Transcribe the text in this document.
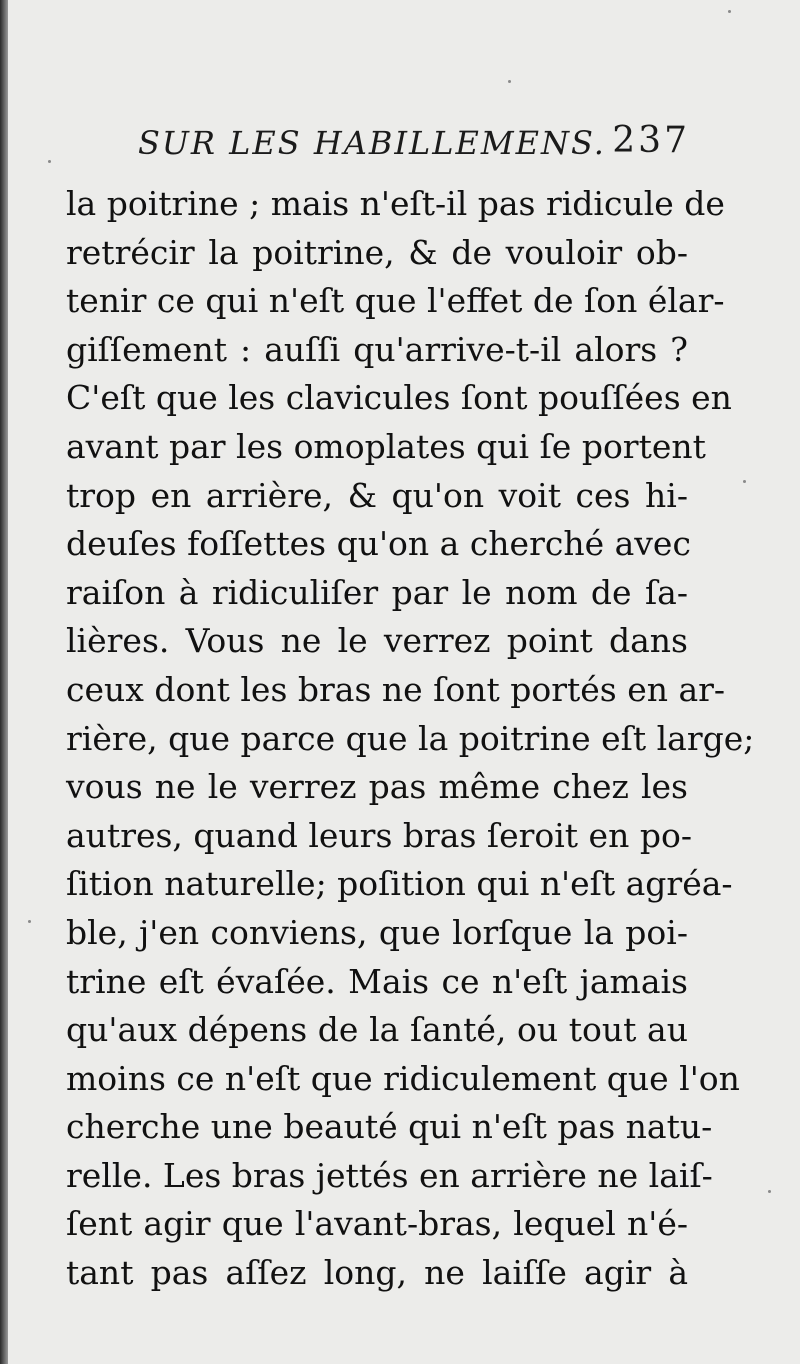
SUR LES HABILLEMENS. 237
la poitrine ; mais n'eſt-il pas ridicule de
retrécir la poitrine, & de vouloir ob-
tenir ce qui n'eſt que l'effet de ſon élar-
giſſement : auſſi qu'arrive-t-il alors ?
C'eſt que les clavicules ſont pouſſées en
avant par les omoplates qui ſe portent
trop en arrière, & qu'on voit ces hi-
deuſes foſſettes qu'on a cherché avec
raiſon à ridiculiſer par le nom de ſa-
lières. Vous ne le verrez point dans
ceux dont les bras ne ſont portés en ar-
rière, que parce que la poitrine eſt large;
vous ne le verrez pas même chez les
autres, quand leurs bras ſeroit en po-
ſition naturelle; poſition qui n'eſt agréa-
ble, j'en conviens, que lorſque la poi-
trine eſt évaſée. Mais ce n'eſt jamais
qu'aux dépens de la ſanté, ou tout au
moins ce n'eſt que ridiculement que l'on
cherche une beauté qui n'eſt pas natu-
relle. Les bras jettés en arrière ne laiſ-
ſent agir que l'avant-bras, lequel n'é-
tant pas aſſez long, ne laiſſe agir à
